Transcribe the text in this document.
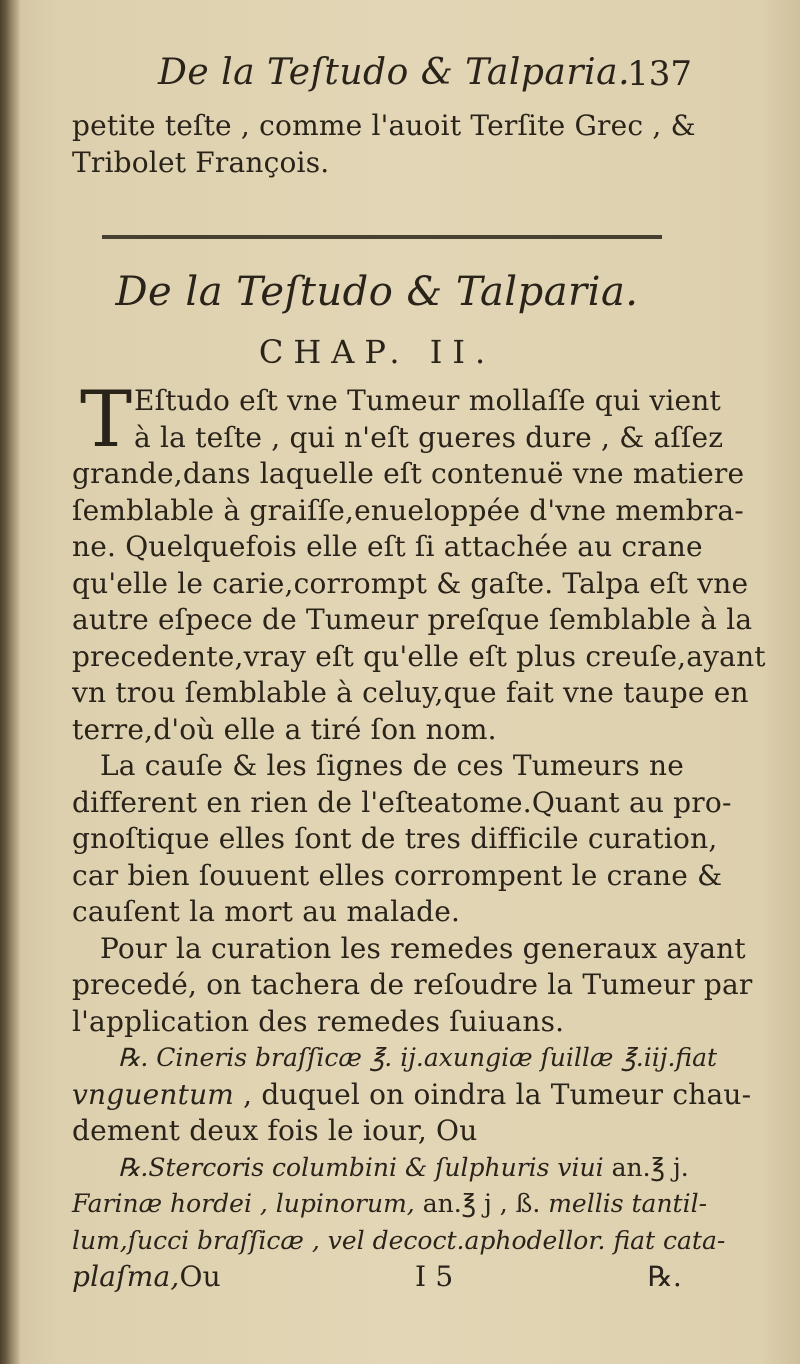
De la Teſtudo & Talparia.
137
petite teſte , comme l'auoit Terſite Grec , &
Tribolet François.
De la Teſtudo & Talparia.
CHAP. II.
T Eſtudo eſt vne Tumeur mollaſſe qui vient
à la teſte , qui n'eſt gueres dure , & aſſez
grande,dans laquelle eſt contenuë vne matiere
ſemblable à graiſſe,enueloppée d'vne membra-
ne. Quelquefois elle eſt ſi attachée au crane
qu'elle le carie,corrompt & gaſte. Talpa eſt vne
autre eſpece de Tumeur preſque ſemblable à la
precedente,vray eſt qu'elle eſt plus creuſe,ayant
vn trou ſemblable à celuy,que fait vne taupe en
terre,d'où elle a tiré ſon nom.
La cauſe & les ſignes de ces Tumeurs ne
different en rien de l'eſteatome.Quant au pro-
gnoſtique elles ſont de tres difficile curation,
car bien ſouuent elles corrompent le crane &
cauſent la mort au malade.
Pour la curation les remedes generaux ayant
precedé, on tachera de reſoudre la Tumeur par
l'application des remedes ſuiuans.
℞. Cineris braſſicæ ℥. ij.axungiæ ſuillæ ℥.iij.fiat
vnguentum , duquel on oindra la Tumeur chau-
dement deux fois le iour, Ou
℞.Stercoris columbini & ſulphuris viui an.℥ j.
Farinæ hordei , lupinorum, an.℥ j , ß. mellis tantil-
lum,ſucci braſſicæ , vel decoct.aphodellor. fiat cata-
plaſma,Ou	I 5	℞.
